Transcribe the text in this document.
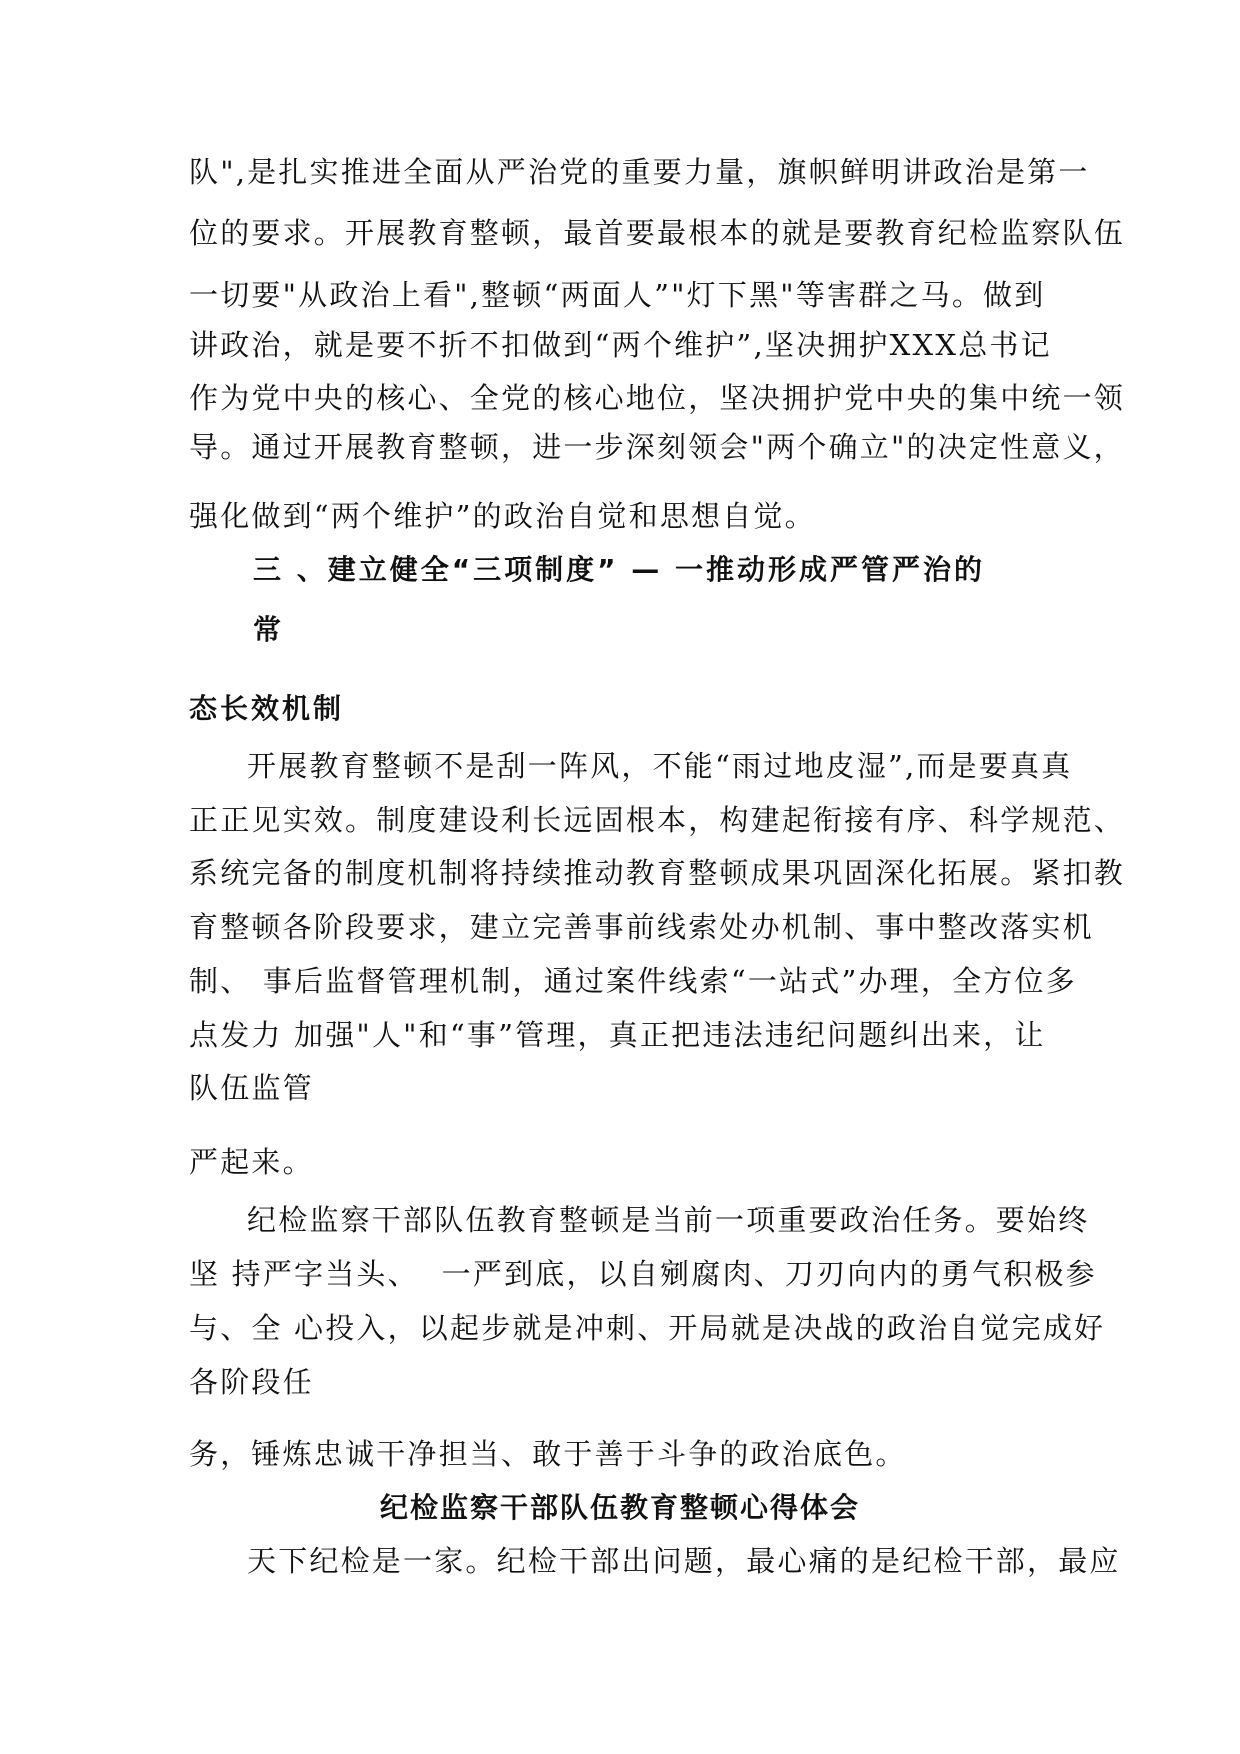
队",是扎实推进全面从严治党的重要力量，旗帜鲜明讲政治是第一
位的要求。开展教育整顿，最首要最根本的就是要教育纪检监察队伍
一切要"从政治上看",整顿“两面人”"灯下黑"等害群之马。做到
讲政治，就是要不折不扣做到“两个维护”,坚决拥护XXX总书记
作为党中央的核心、全党的核心地位，坚决拥护党中央的集中统一领
导。通过开展教育整顿，进一步深刻领会"两个确立"的决定性意义，
强化做到“两个维护”的政治自觉和思想自觉。
三 、建立健全“三项制度” — 一推动形成严管严治的
常
态长效机制
开展教育整顿不是刮一阵风，不能“雨过地皮湿”,而是要真真
正正见实效。制度建设利长远固根本，构建起衔接有序、科学规范、
系统完备的制度机制将持续推动教育整顿成果巩固深化拓展。紧扣教
育整顿各阶段要求，建立完善事前线索处办机制、事中整改落实机
制、 事后监督管理机制，通过案件线索“一站式”办理，全方位多
点发力 加强"人"和“事”管理，真正把违法违纪问题纠出来，让
队伍监管
严起来。
纪检监察干部队伍教育整顿是当前一项重要政治任务。要始终
坚 持严字当头、  一严到底，以自剜腐肉、刀刃向内的勇气积极参
与、全 心投入，以起步就是冲刺、开局就是决战的政治自觉完成好
各阶段任
务，锤炼忠诚干净担当、敢于善于斗争的政治底色。
纪检监察干部队伍教育整顿心得体会
天下纪检是一家。纪检干部出问题，最心痛的是纪检干部，最应
